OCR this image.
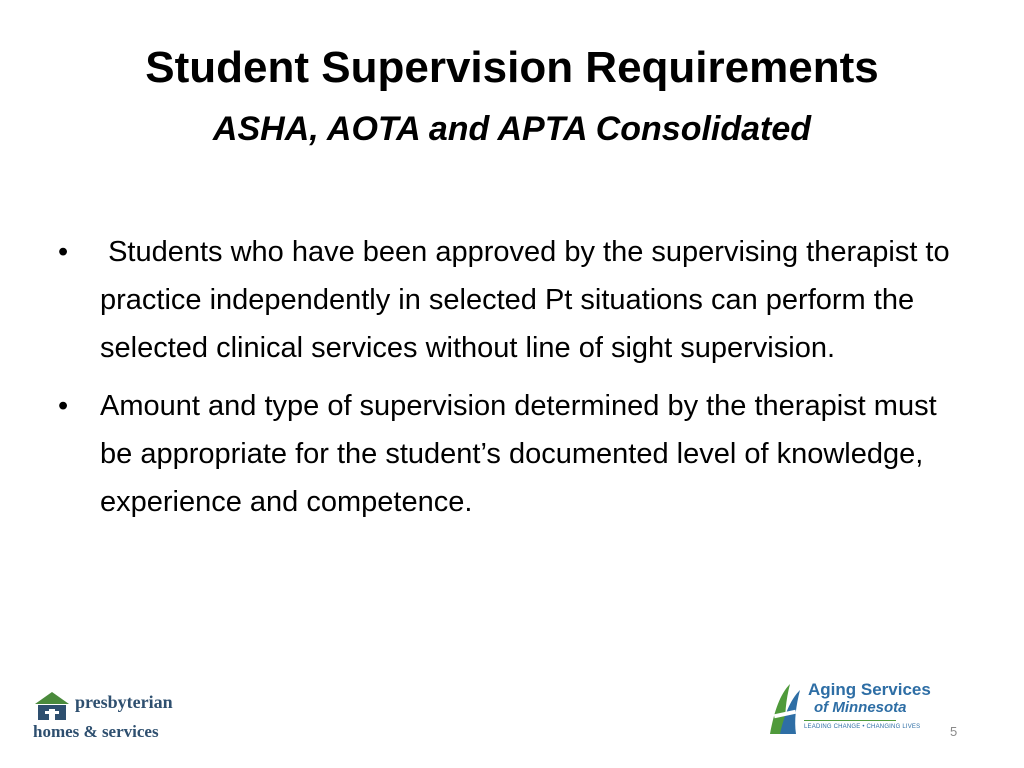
Student Supervision Requirements
ASHA, AOTA and APTA Consolidated
• Students who have been approved by the supervising therapist to practice independently in selected Pt situations can perform the selected clinical services without line of sight supervision.
• Amount and type of supervision determined by the therapist must be appropriate for the student’s documented level of knowledge, experience and competence.
presbyterian
homes & services
Aging Services
of Minnesota
LEADING CHANGE • CHANGING LIVES 5
